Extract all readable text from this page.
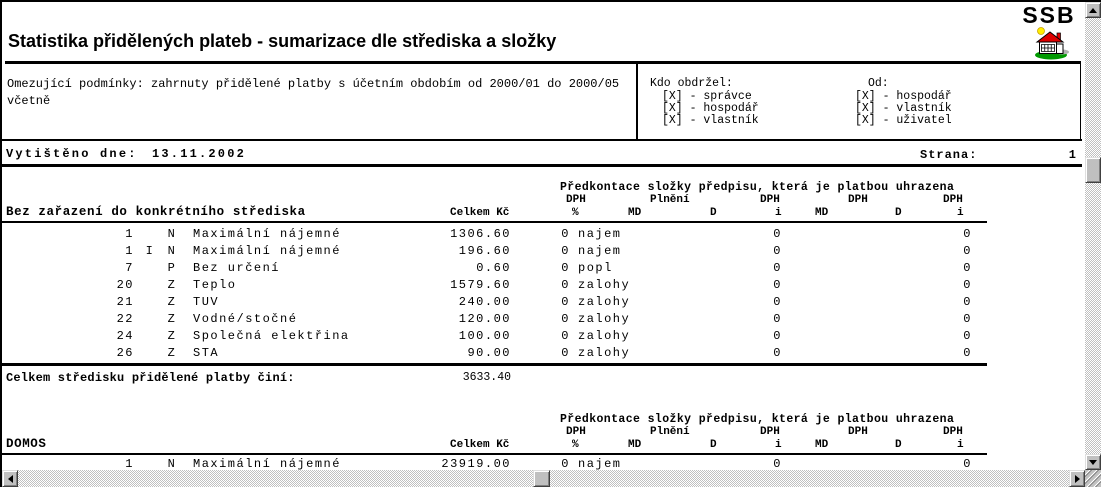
SSB
Statistika přidělených plateb - sumarizace dle střediska a složky
Omezující podmínky: zahrnuty přidělené platby s účetním obdobím od 2000/01 do 2000/05
včetně
Kdo obdržel:
[X] - správce
[X] - hospodář
[X] - vlastník
Od:
[X] - hospodář
[X] - vlastník
[X] - uživatel
Vytištěno dne: 13.11.2002	Strana:	1
Předkontace složky předpisu, která je platbou uhrazena
DPH	Plnění	DPH	DPH	DPH
Bez zařazení do konkrétního střediska	Celkem Kč	%	MD	D	i	MD	D	i
1	N	Maximální nájemné	1306.60	0 najem	0	0
1 I	N	Maximální nájemné	196.60	0 najem	0	0
7	P	Bez určení	0.60	0 popl	0	0
20	Z	Teplo	1579.60	0 zalohy	0	0
21	Z	TUV	240.00	0 zalohy	0	0
22	Z	Vodné/stočné	120.00	0 zalohy	0	0
24	Z	Společná elektřina	100.00	0 zalohy	0	0
26	Z	STA	90.00	0 zalohy	0	0
Celkem středisku přidělené platby činí:	3633.40
Předkontace složky předpisu, která je platbou uhrazena
DPH	Plnění	DPH	DPH	DPH
DOMOS	Celkem Kč	%	MD	D	i	MD	D	i
1	N	Maximální nájemné	23919.00	0 najem	0	0
